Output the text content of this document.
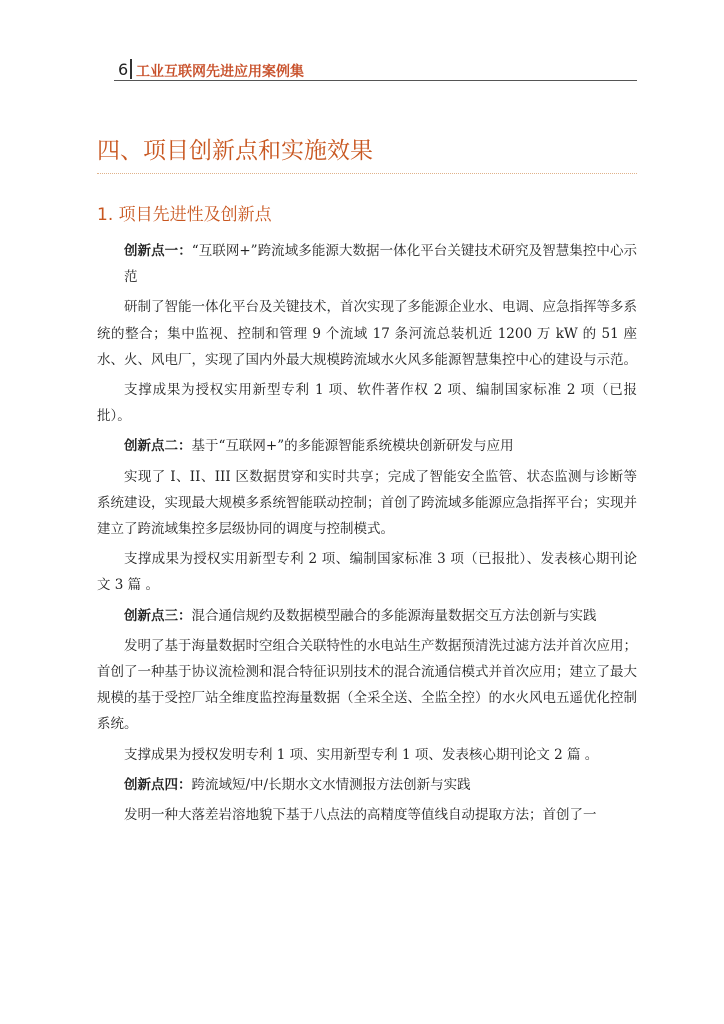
6 工业互联网先进应用案例集
四、项目创新点和实施效果
1. 项目先进性及创新点

创新点一：“互联网+”跨流域多能源大数据一体化平台关键技术研究及智慧集控中心示范

研制了智能一体化平台及关键技术，首次实现了多能源企业水、电调、应急指挥等多系统的整合；集中监视、控制和管理 9 个流域 17 条河流总装机近 1200 万 kW 的 51 座水、火、风电厂，实现了国内外最大规模跨流域水火风多能源智慧集控中心的建设与示范。

支撑成果为授权实用新型专利 1 项、软件著作权 2 项、编制国家标准 2 项（已报批）。

创新点二：基于“互联网+”的多能源智能系统模块创新研发与应用

实现了 I、II、III 区数据贯穿和实时共享；完成了智能安全监管、状态监测与诊断等系统建设，实现最大规模多系统智能联动控制；首创了跨流域多能源应急指挥平台；实现并建立了跨流域集控多层级协同的调度与控制模式。

支撑成果为授权实用新型专利 2 项、编制国家标准 3 项（已报批）、发表核心期刊论文 3 篇 。

创新点三：混合通信规约及数据模型融合的多能源海量数据交互方法创新与实践

发明了基于海量数据时空组合关联特性的水电站生产数据预清洗过滤方法并首次应用；首创了一种基于协议流检测和混合特征识别技术的混合流通信模式并首次应用；建立了最大规模的基于受控厂站全维度监控海量数据（全采全送、全监全控）的水火风电五遥优化控制系统。

支撑成果为授权发明专利 1 项、实用新型专利 1 项、发表核心期刊论文 2 篇 。

创新点四：跨流域短/中/长期水文水情测报方法创新与实践

发明一种大落差岩溶地貌下基于八点法的高精度等值线自动提取方法；首创了一
